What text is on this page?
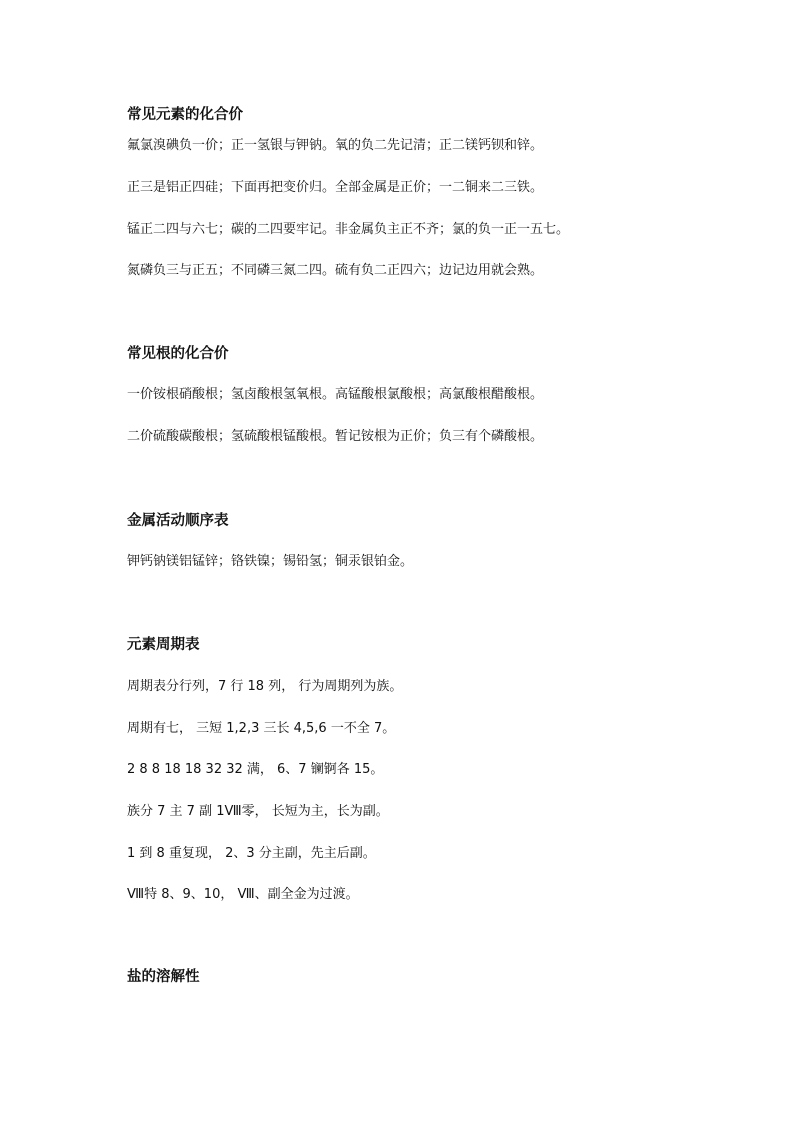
常见元素的化合价
氟氯溴碘负一价；正一氢银与钾钠。氧的负二先记清；正二镁钙钡和锌。
正三是铝正四硅；下面再把变价归。全部金属是正价；一二铜来二三铁。
锰正二四与六七；碳的二四要牢记。非金属负主正不齐；氯的负一正一五七。
氮磷负三与正五；不同磷三氮二四。硫有负二正四六；边记边用就会熟。
常见根的化合价
一价铵根硝酸根；氢卤酸根氢氧根。高锰酸根氯酸根；高氯酸根醋酸根。
二价硫酸碳酸根；氢硫酸根锰酸根。暂记铵根为正价；负三有个磷酸根。
金属活动顺序表
钾钙钠镁铝锰锌；铬铁镍；锡铅氢；铜汞银铂金。
元素周期表
周期表分行列，7 行 18 列， 行为周期列为族。
周期有七， 三短 1,2,3 三长 4,5,6 一不全 7。
2 8 8 18 18 32 32 满， 6、7 镧锕各 15。
族分 7 主 7 副 1Ⅷ零， 长短为主，长为副。
1 到 8 重复现， 2、3 分主副，先主后副。
Ⅷ特 8、9、10， Ⅷ、副全金为过渡。
盐的溶解性
